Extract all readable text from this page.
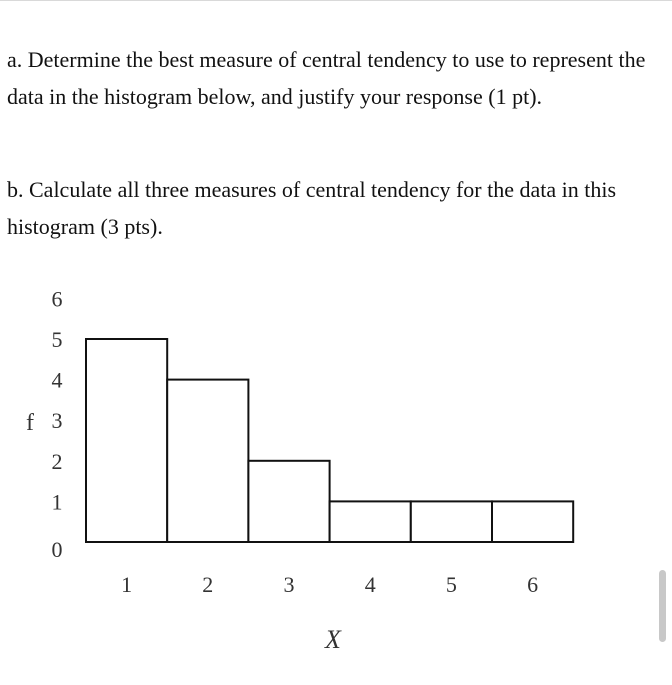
a. Determine the best measure of central tendency to use to represent the data in the histogram below, and justify your response (1 pt).

b. Calculate all three measures of central tendency for the data in this histogram (3 pts).

0
1
2
3
4
5
6
f
1	2	3	4	5	6
X
